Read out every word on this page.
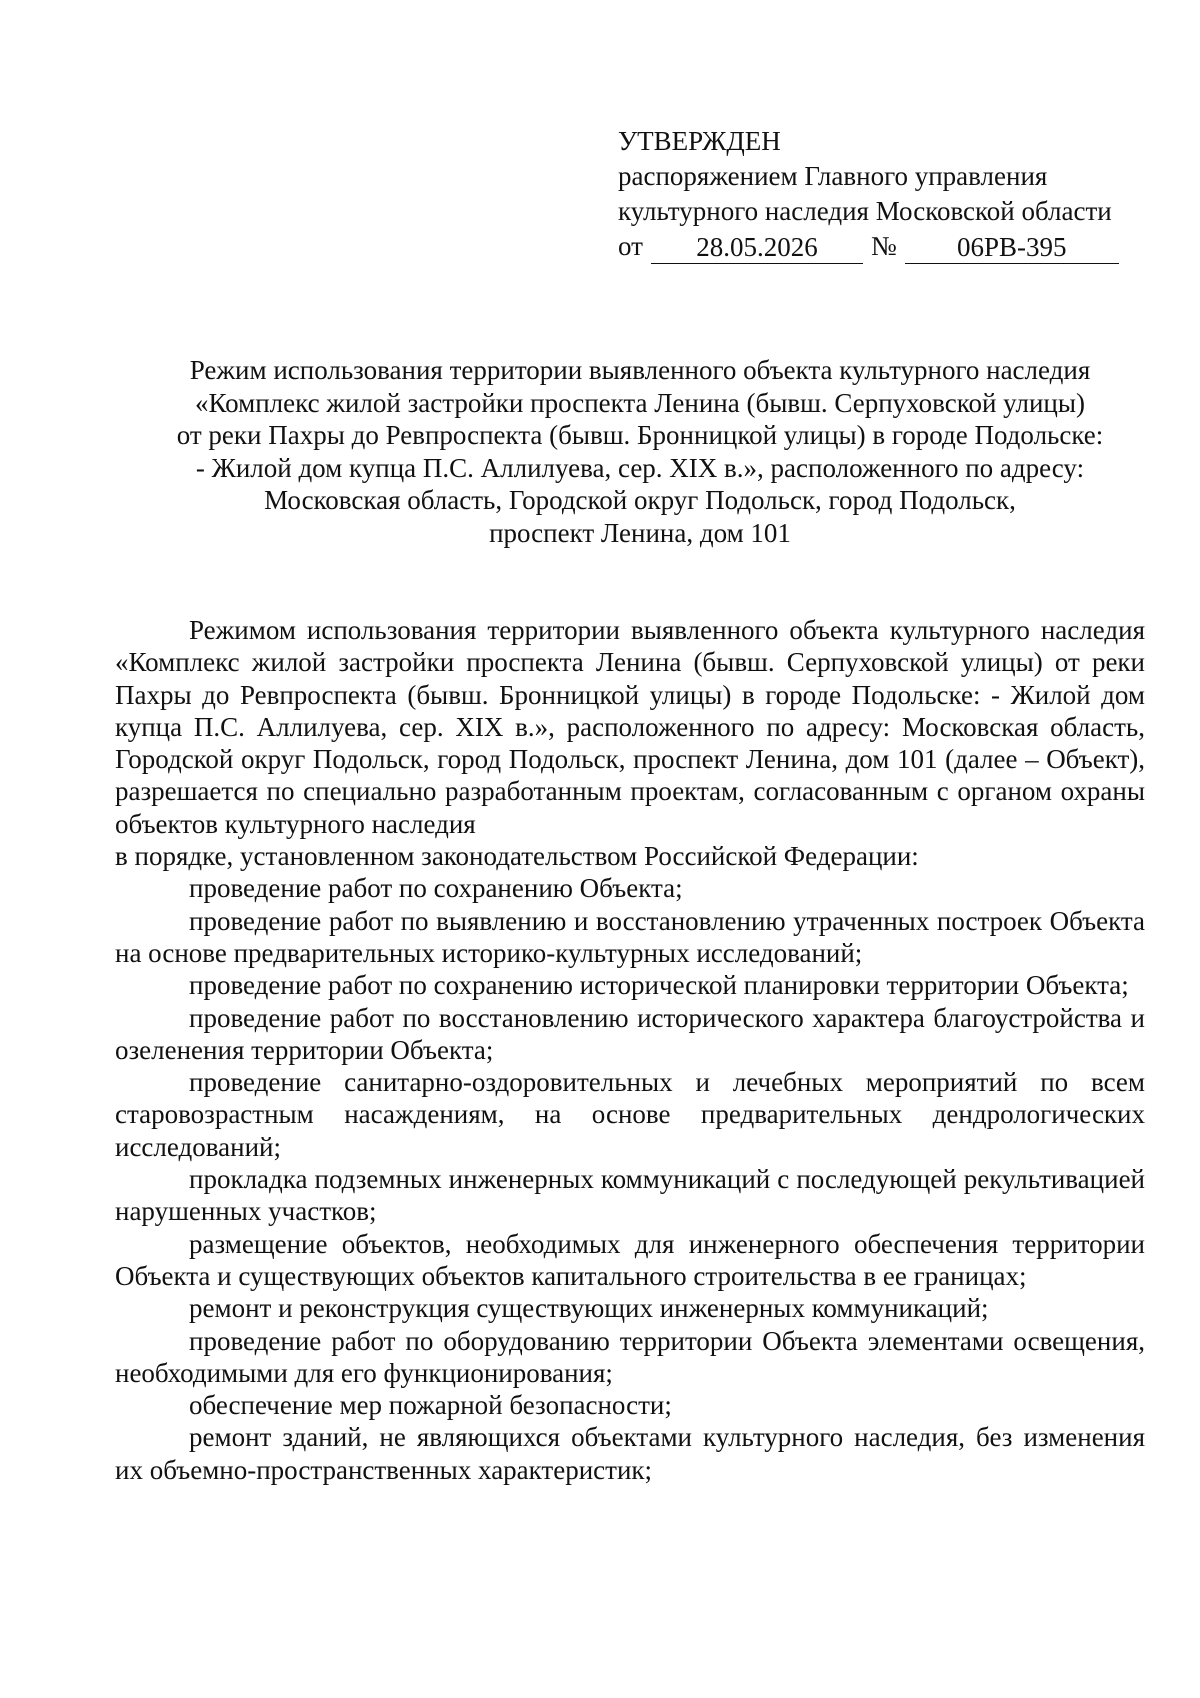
УТВЕРЖДЕН
распоряжением Главного управления
культурного наследия Московской области
от	28.05.2026	№	06РВ-395
Режим использования территории выявленного объекта культурного наследия
«Комплекс жилой застройки проспекта Ленина (бывш. Серпуховской улицы)
от реки Пахры до Ревпроспекта (бывш. Бронницкой улицы) в городе Подольске:
- Жилой дом купца П.С. Аллилуева, сер. XIX в.», расположенного по адресу:
Московская область, Городской округ Подольск, город Подольск,
проспект Ленина, дом 101

Режимом использования территории выявленного объекта культурного наследия «Комплекс жилой застройки проспекта Ленина (бывш. Серпуховской улицы) от реки Пахры до Ревпроспекта (бывш. Бронницкой улицы) в городе Подольске: - Жилой дом купца П.С. Аллилуева, сер. XIX в.», расположенного по адресу: Московская область, Городской округ Подольск, город Подольск, проспект Ленина, дом 101 (далее – Объект), разрешается по специально разработанным проектам, согласованным с органом охраны объектов культурного наследия

в порядке, установленном законодательством Российской Федерации:

проведение работ по сохранению Объекта;

проведение работ по выявлению и восстановлению утраченных построек Объекта на основе предварительных историко-культурных исследований;

проведение работ по сохранению исторической планировки территории Объекта;

проведение работ по восстановлению исторического характера благоустройства и озеленения территории Объекта;

проведение санитарно-оздоровительных и лечебных мероприятий по всем старовозрастным насаждениям, на основе предварительных дендрологических исследований;

прокладка подземных инженерных коммуникаций с последующей рекультивацией нарушенных участков;

размещение объектов, необходимых для инженерного обеспечения территории Объекта и существующих объектов капитального строительства в ее границах;

ремонт и реконструкция существующих инженерных коммуникаций;

проведение работ по оборудованию территории Объекта элементами освещения, необходимыми для его функционирования;

обеспечение мер пожарной безопасности;

ремонт зданий, не являющихся объектами культурного наследия, без изменения их объемно-пространственных характеристик;
